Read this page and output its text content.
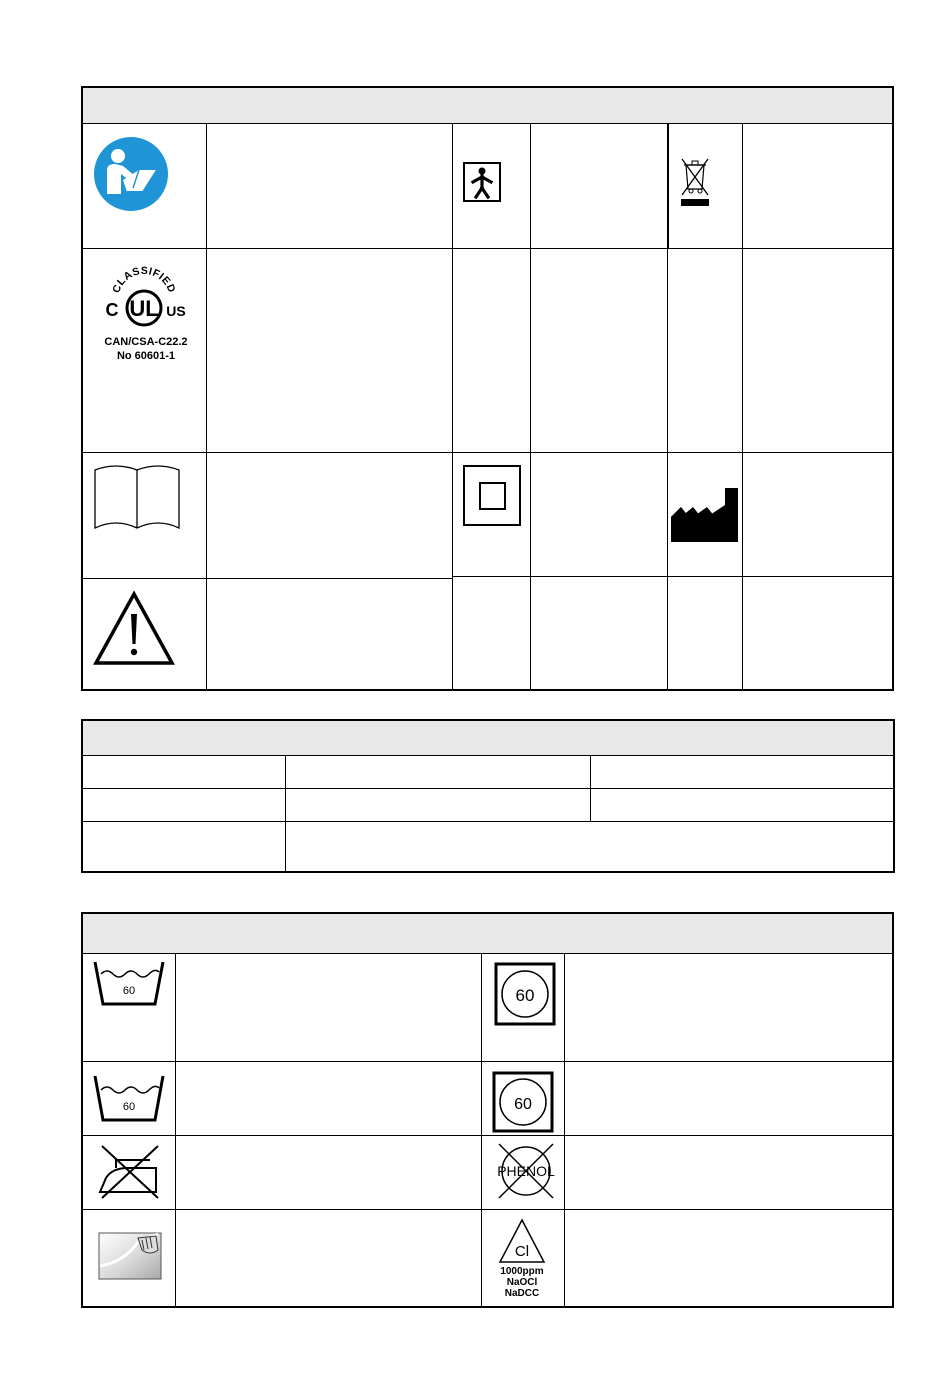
CLASSIFIED
UL
C	US
CAN/CSA-C22.2
No 60601-1
60	60
60	60
PHENOL
Cl
1000ppm
NaOCl
NaDCC
